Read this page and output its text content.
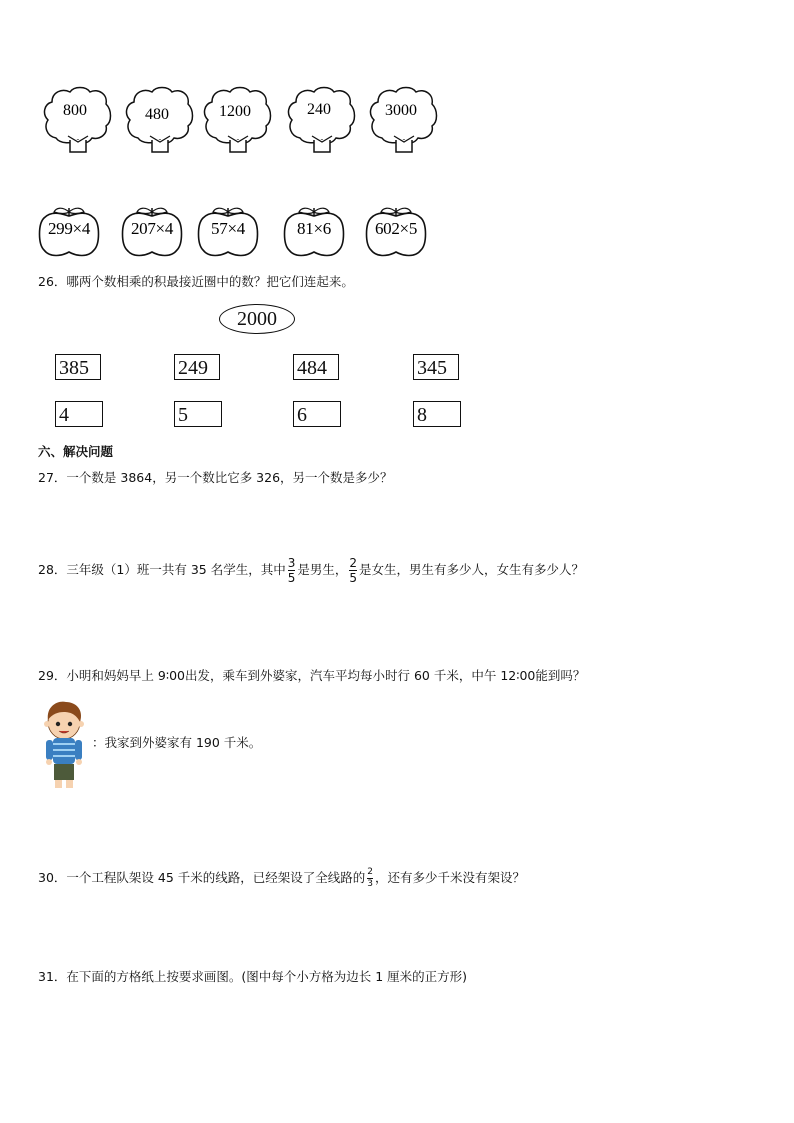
800	480	1200	240	3000
299×4	207×4	57×4	81×6	602×5
26．哪两个数相乘的积最接近圈中的数？把它们连起来。
2000
385	249	484	345
4	5	6	8
六、解决问题
27．一个数是 3864，另一个数比它多 326，另一个数是多少？
28．三年级（1）班一共有 35 名学生，其中 $\frac{3}{5}$ 是男生， $\frac{2}{5}$ 是女生，男生有多少人，女生有多少人？
29．小明和妈妈早上 9∶00出发，乘车到外婆家，汽车平均每小时行 60 千米，中午 12∶00能到吗？
：我家到外婆家有 190 千米。
30．一个工程队架设 45 千米的线路，已经架设了全线路的 $\frac{2}{3}$ ，还有多少千米没有架设？
31．在下面的方格纸上按要求画图。(图中每个小方格为边长 1 厘米的正方形)
